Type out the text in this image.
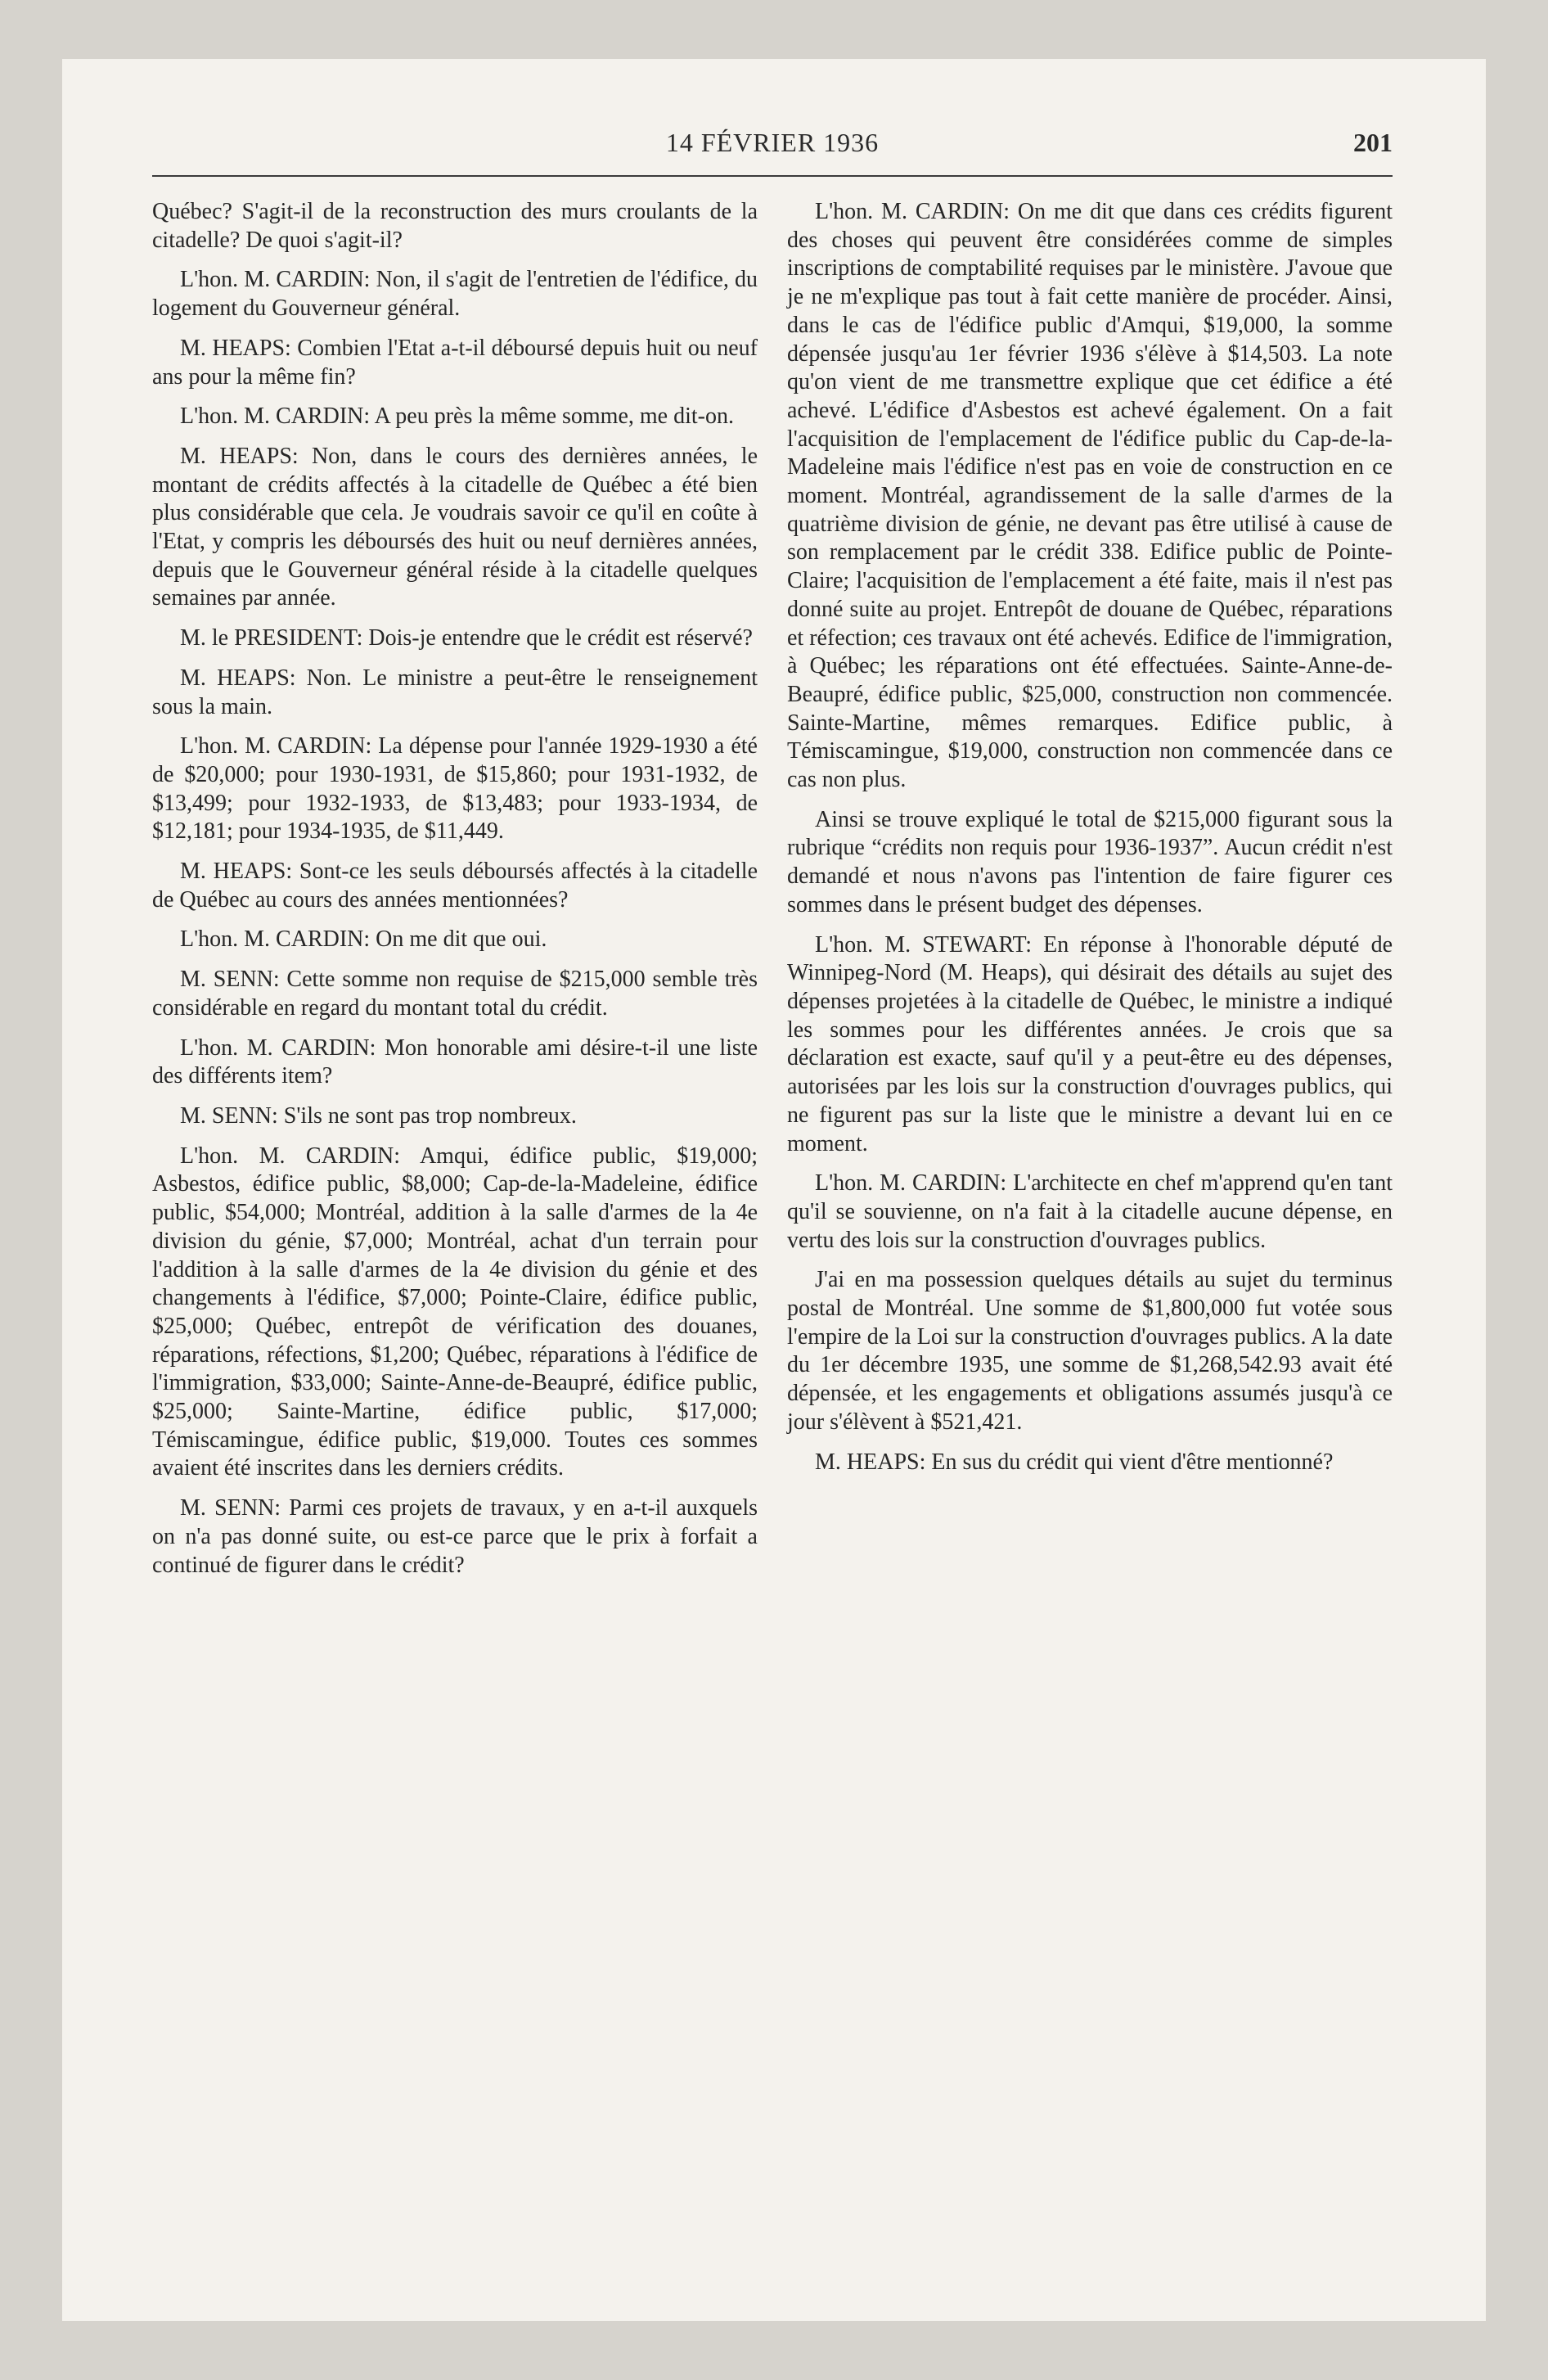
14 FÉVRIER 1936	201

Québec? S'agit-il de la reconstruction des murs croulants de la citadelle? De quoi s'agit-il?

L'hon. M. CARDIN: Non, il s'agit de l'entretien de l'édifice, du logement du Gouverneur général.

M. HEAPS: Combien l'Etat a-t-il déboursé depuis huit ou neuf ans pour la même fin?

L'hon. M. CARDIN: A peu près la même somme, me dit-on.

M. HEAPS: Non, dans le cours des dernières années, le montant de crédits affectés à la citadelle de Québec a été bien plus considérable que cela. Je voudrais savoir ce qu'il en coûte à l'Etat, y compris les déboursés des huit ou neuf dernières années, depuis que le Gouverneur général réside à la citadelle quelques semaines par année.

M. le PRESIDENT: Dois-je entendre que le crédit est réservé?

M. HEAPS: Non. Le ministre a peut-être le renseignement sous la main.

L'hon. M. CARDIN: La dépense pour l'année 1929-1930 a été de $20,000; pour 1930-1931, de $15,860; pour 1931-1932, de $13,499; pour 1932-1933, de $13,483; pour 1933-1934, de $12,181; pour 1934-1935, de $11,449.

M. HEAPS: Sont-ce les seuls déboursés affectés à la citadelle de Québec au cours des années mentionnées?

L'hon. M. CARDIN: On me dit que oui.

M. SENN: Cette somme non requise de $215,000 semble très considérable en regard du montant total du crédit.

L'hon. M. CARDIN: Mon honorable ami désire-t-il une liste des différents item?

M. SENN: S'ils ne sont pas trop nombreux.

L'hon. M. CARDIN: Amqui, édifice public, $19,000; Asbestos, édifice public, $8,000; Cap-de-la-Madeleine, édifice public, $54,000; Montréal, addition à la salle d'armes de la 4e division du génie, $7,000; Montréal, achat d'un terrain pour l'addition à la salle d'armes de la 4e division du génie et des changements à l'édifice, $7,000; Pointe-Claire, édifice public, $25,000; Québec, entrepôt de vérification des douanes, réparations, réfections, $1,200; Québec, réparations à l'édifice de l'immigration, $33,000; Sainte-Anne-de-Beaupré, édifice public, $25,000; Sainte-Martine, édifice public, $17,000; Témiscamingue, édifice public, $19,000. Toutes ces sommes avaient été inscrites dans les derniers crédits.

M. SENN: Parmi ces projets de travaux, y en a-t-il auxquels on n'a pas donné suite, ou est-ce parce que le prix à forfait a continué de figurer dans le crédit?

L'hon. M. CARDIN: On me dit que dans ces crédits figurent des choses qui peuvent être considérées comme de simples inscriptions de comptabilité requises par le ministère. J'avoue que je ne m'explique pas tout à fait cette manière de procéder. Ainsi, dans le cas de l'édifice public d'Amqui, $19,000, la somme dépensée jusqu'au 1er février 1936 s'élève à $14,503. La note qu'on vient de me transmettre explique que cet édifice a été achevé. L'édifice d'Asbestos est achevé également. On a fait l'acquisition de l'emplacement de l'édifice public du Cap-de-la-Madeleine mais l'édifice n'est pas en voie de construction en ce moment. Montréal, agrandissement de la salle d'armes de la quatrième division de génie, ne devant pas être utilisé à cause de son remplacement par le crédit 338. Edifice public de Pointe-Claire; l'acquisition de l'emplacement a été faite, mais il n'est pas donné suite au projet. Entrepôt de douane de Québec, réparations et réfection; ces travaux ont été achevés. Edifice de l'immigration, à Québec; les réparations ont été effectuées. Sainte-Anne-de-Beaupré, édifice public, $25,000, construction non commencée. Sainte-Martine, mêmes remarques. Edifice public, à Témiscamingue, $19,000, construction non commencée dans ce cas non plus.

Ainsi se trouve expliqué le total de $215,000 figurant sous la rubrique “crédits non requis pour 1936-1937”. Aucun crédit n'est demandé et nous n'avons pas l'intention de faire figurer ces sommes dans le présent budget des dépenses.

L'hon. M. STEWART: En réponse à l'honorable député de Winnipeg-Nord (M. Heaps), qui désirait des détails au sujet des dépenses projetées à la citadelle de Québec, le ministre a indiqué les sommes pour les différentes années. Je crois que sa déclaration est exacte, sauf qu'il y a peut-être eu des dépenses, autorisées par les lois sur la construction d'ouvrages publics, qui ne figurent pas sur la liste que le ministre a devant lui en ce moment.

L'hon. M. CARDIN: L'architecte en chef m'apprend qu'en tant qu'il se souvienne, on n'a fait à la citadelle aucune dépense, en vertu des lois sur la construction d'ouvrages publics.

J'ai en ma possession quelques détails au sujet du terminus postal de Montréal. Une somme de $1,800,000 fut votée sous l'empire de la Loi sur la construction d'ouvrages publics. A la date du 1er décembre 1935, une somme de $1,268,542.93 avait été dépensée, et les engagements et obligations assumés jusqu'à ce jour s'élèvent à $521,421.

M. HEAPS: En sus du crédit qui vient d'être mentionné?
